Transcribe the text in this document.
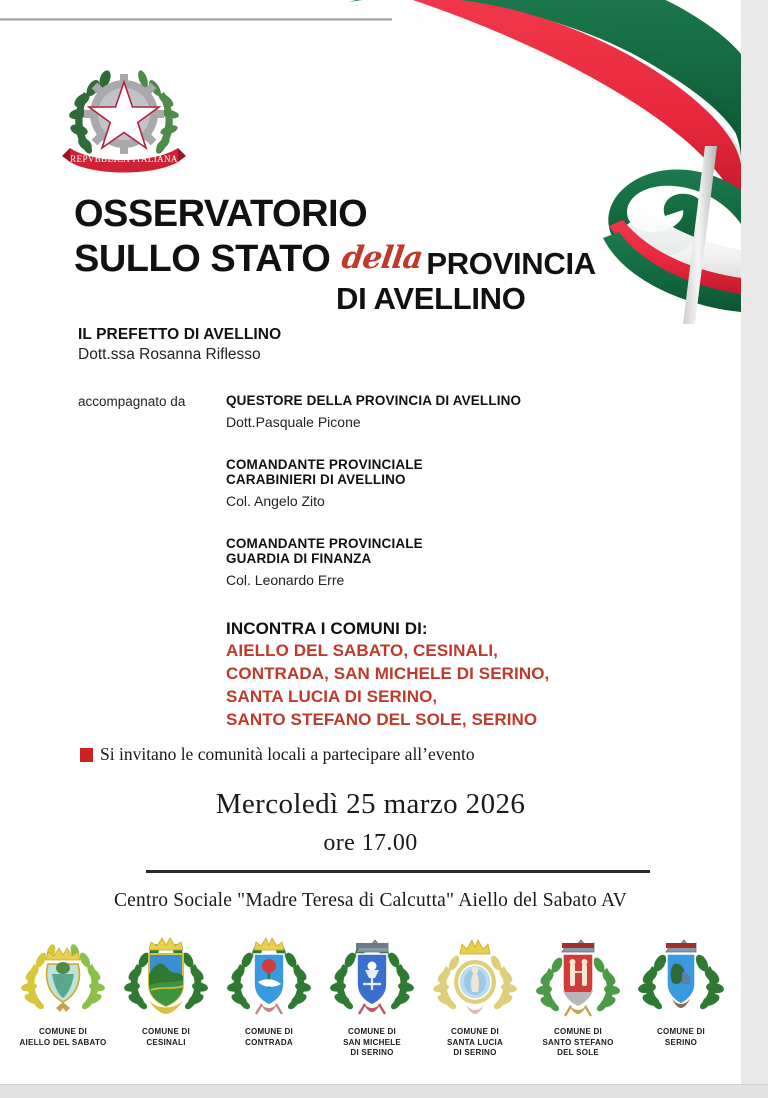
REPVBBLICA ITALIANA
OSSERVATORIO
SULLO STATO della PROVINCIA
DI AVELLINO
IL PREFETTO DI AVELLINO
Dott.ssa Rosanna Riflesso
accompagnato da	QUESTORE DELLA PROVINCIA DI AVELLINO
Dott.Pasquale Picone
COMANDANTE PROVINCIALE
CARABINIERI DI AVELLINO
Col. Angelo Zito
COMANDANTE PROVINCIALE
GUARDIA DI FINANZA
Col. Leonardo Erre
INCONTRA I COMUNI DI:
AIELLO DEL SABATO, CESINALI,
CONTRADA, SAN MICHELE DI SERINO,
SANTA LUCIA DI SERINO,
SANTO STEFANO DEL SOLE, SERINO
Si invitano le comunità locali a partecipare all’evento
Mercoledì 25 marzo 2026
ore 17.00
Centro Sociale "Madre Teresa di Calcutta" Aiello del Sabato AV
COMUNE DI
AIELLO DEL SABATO
COMUNE DI
CESINALI
COMUNE DI
CONTRADA
COMUNE DI
SAN MICHELE
DI SERINO
COMUNE DI
SANTA LUCIA
DI SERINO
COMUNE DI
SANTO STEFANO
DEL SOLE
COMUNE DI
SERINO
